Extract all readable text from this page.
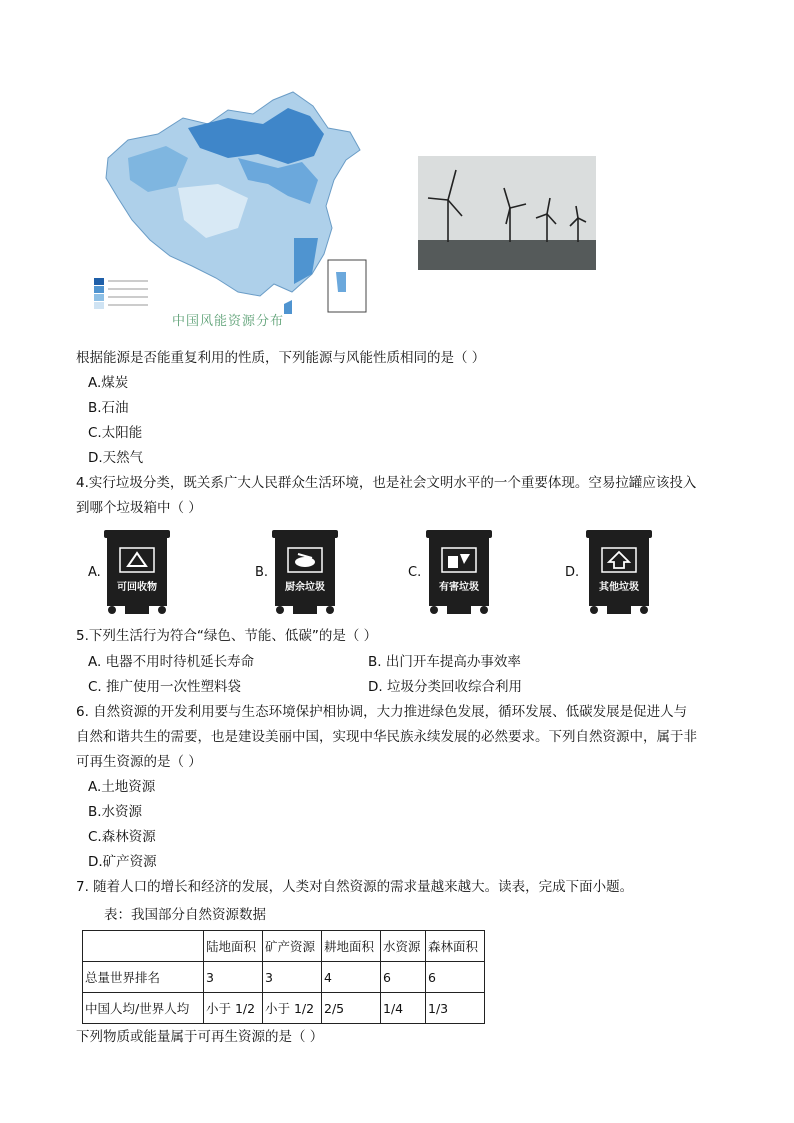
中国风能资源分布
根据能源是否能重复利用的性质，下列能源与风能性质相同的是（ ）
A.煤炭
B.石油
C.太阳能
D.天然气
4.实行垃圾分类，既关系广大人民群众生活环境，也是社会文明水平的一个重要体现。空易拉罐应该投入
到哪个垃圾箱中（ ）
A.
可回收物
B.
厨余垃圾
C.
有害垃圾
D.
其他垃圾
5.下列生活行为符合“绿色、节能、低碳”的是（ ）
A. 电器不用时待机延长寿命	B. 出门开车提高办事效率
C. 推广使用一次性塑料袋	D. 垃圾分类回收综合利用
6. 自然资源的开发利用要与生态环境保护相协调，大力推进绿色发展，循环发展、低碳发展是促进人与
自然和谐共生的需要，也是建设美丽中国，实现中华民族永续发展的必然要求。下列自然资源中，属于非
可再生资源的是（ ）
A.土地资源
B.水资源
C.森林资源
D.矿产资源
7. 随着人口的增长和经济的发展，人类对自然资源的需求量越来越大。读表，完成下面小题。
表：我国部分自然资源数据
	陆地面积	矿产资源	耕地面积	水资源	森林面积
总量世界排名	3	3	4	6	6
中国人均/世界人均	小于 1/2	小于 1/2	2/5	1/4	1/3
下列物质或能量属于可再生资源的是（ ）
